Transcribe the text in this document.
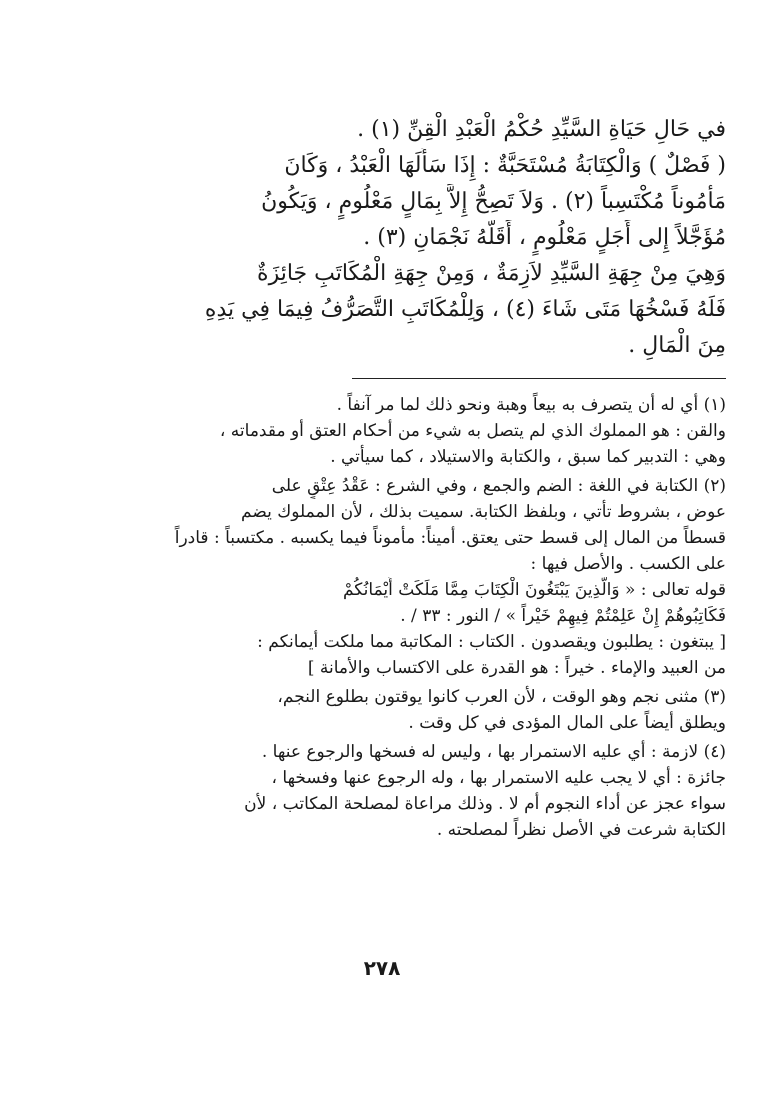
في حَالِ حَيَاةِ السَّيِّدِ حُكْمُ الْعَبْدِ الْقِنِّ (١) .
( فَصْلٌ ) وَالْكِتَابَةُ مُسْتَحَبَّةٌ : إِذَا سَأَلَهَا الْعَبْدُ ، وَكَانَ
مَأْمُوناً مُكْتَسِباً (٢) . وَلاَ تَصِحُّ إِلاَّ بِمَالٍ مَعْلُومٍ ، وَيَكُونُ
مُؤَجَّلاً إِلى أَجَلٍ مَعْلُومٍ ، أَقَلُّهُ نَجْمَانِ (٣) .
وَهِيَ مِنْ جِهَةِ السَّيِّدِ لاَزِمَةٌ ، وَمِنْ جِهَةِ الْمُكَاتَبِ جَائِزَةٌ
فَلَهُ فَسْخُهَا مَتَى شَاءَ (٤) ، وَلِلْمُكَاتَبِ التَّصَرُّفُ فِيمَا فِي يَدِهِ
مِنَ الْمَالِ .
(١) أي له أن يتصرف به بيعاً وهبة ونحو ذلك لما مر آنفاً .
والقن : هو المملوك الذي لم يتصل به شيء من أحكام العتق أو مقدماته ،
وهي : التدبير كما سبق ، والكتابة والاستيلاد ، كما سيأتي .
(٢) الكتابة في اللغة : الضم والجمع ، وفي الشرع : عَقْدُ عِتْقٍ على
عوض ، بشروط تأتي ، وبلفظ الكتابة. سميت بذلك ، لأن المملوك يضم
قسطاً من المال إلى قسط حتى يعتق. أميناً: مأموناً فيما يكسبه . مكتسباً : قادراً
على الكسب . والأصل فيها :
قوله تعالى : « وَالَّذِينَ يَبْتَغُونَ الْكِتَابَ مِمَّا مَلَكَتْ أَيْمَانُكُمْ
فَكَاتِبُوهُمْ إِنْ عَلِمْتُمْ فِيهِمْ خَيْراً » / النور : ٣٣ / .
[ يبتغون : يطلبون ويقصدون . الكتاب : المكاتبة مما ملكت أيمانكم :
من العبيد والإماء . خيراً : هو القدرة على الاكتساب والأمانة ]
(٣) مثنى نجم وهو الوقت ، لأن العرب كانوا يوقتون بطلوع النجم،
ويطلق أيضاً على المال المؤدى في كل وقت .
(٤) لازمة : أي عليه الاستمرار بها ، وليس له فسخها والرجوع عنها .
جائزة : أي لا يجب عليه الاستمرار بها ، وله الرجوع عنها وفسخها ،
سواء عجز عن أداء النجوم أم لا . وذلك مراعاة لمصلحة المكاتب ، لأن
الكتابة شرعت في الأصل نظراً لمصلحته .
٢٧٨
